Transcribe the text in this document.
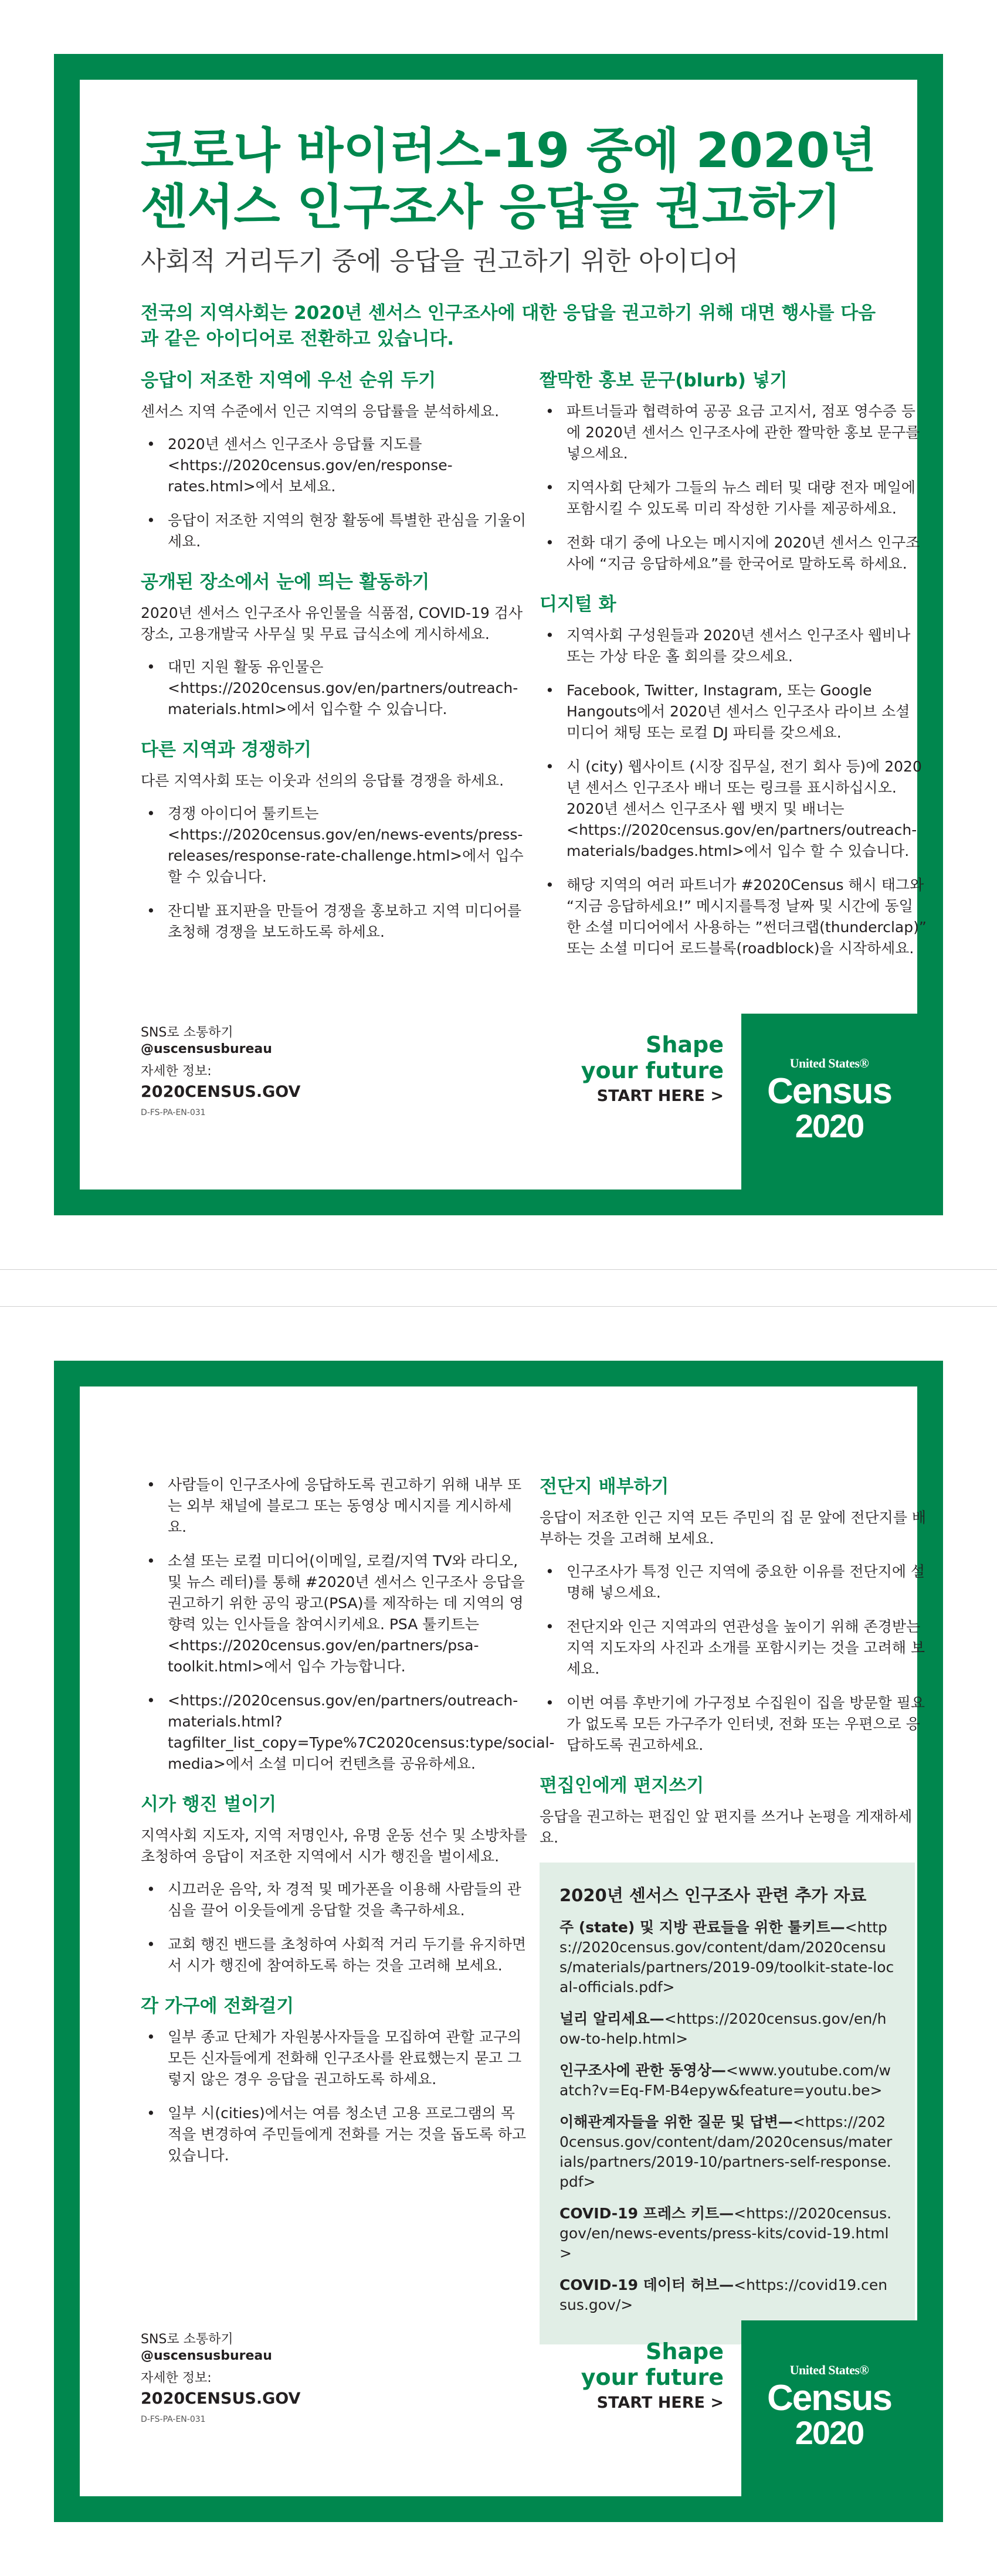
코로나 바이러스-19 중에 2020년
센서스 인구조사 응답을 권고하기
사회적 거리두기 중에 응답을 권고하기 위한 아이디어
전국의 지역사회는 2020년 센서스 인구조사에 대한 응답을 권고하기 위해 대면 행사를 다음과 같은 아이디어로 전환하고 있습니다.
응답이 저조한 지역에 우선 순위 두기

센서스 지역 수준에서 인근 지역의 응답률을 분석하세요.

• 2020년 센서스 인구조사 응답률 지도를 <https://2020census.gov/en/response-rates.html>에서 보세요.
• 응답이 저조한 지역의 현장 활동에 특별한 관심을 기울이세요.
공개된 장소에서 눈에 띄는 활동하기

2020년 센서스 인구조사 유인물을 식품점, COVID-19 검사 장소, 고용개발국 사무실 및 무료 급식소에 게시하세요.

• 대민 지원 활동 유인물은 <https://2020census.gov/en/partners/outreach-materials.html>에서 입수할 수 있습니다.
다른 지역과 경쟁하기

다른 지역사회 또는 이웃과 선의의 응답률 경쟁을 하세요.

• 경쟁 아이디어 툴키트는 <https://2020census.gov/en/news-events/press-releases/response-rate-challenge.html>에서 입수할 수 있습니다.
• 잔디밭 표지판을 만들어 경쟁을 홍보하고 지역 미디어를 초청해 경쟁을 보도하도록 하세요.
짤막한 홍보 문구(blurb) 넣기
• 파트너들과 협력하여 공공 요금 고지서, 점포 영수증 등에 2020년 센서스 인구조사에 관한 짤막한 홍보 문구를 넣으세요.
• 지역사회 단체가 그들의 뉴스 레터 및 대량 전자 메일에 포함시킬 수 있도록 미리 작성한 기사를 제공하세요.
• 전화 대기 중에 나오는 메시지에 2020년 센서스 인구조사에 “지금 응답하세요”를 한국어로 말하도록 하세요.
디지털 화
• 지역사회 구성원들과 2020년 센서스 인구조사 웹비나 또는 가상 타운 홀 회의를 갖으세요.
• Facebook, Twitter, Instagram, 또는 Google Hangouts에서 2020년 센서스 인구조사 라이브 소셜 미디어 채팅 또는 로컬 DJ 파티를 갖으세요.
• 시 (city) 웹사이트 (시장 집무실, 전기 회사 등)에 2020년 센서스 인구조사 배너 또는 링크를 표시하십시오. 2020년 센서스 인구조사 웹 뱃지 및 배너는 <https://2020census.gov/en/partners/outreach-materials/badges.html>에서 입수 할 수 있습니다.
• 해당 지역의 여러 파트너가 #2020Census 해시 태그와 “지금 응답하세요!” 메시지를특정 날짜 및 시간에 동일한 소셜 미디어에서 사용하는 ”썬더크랩(thunderclap)” 또는 소셜 미디어 로드블록(roadblock)을 시작하세요.
SNS로 소통하기
@uscensusbureau
자세한 정보:
2020CENSUS.GOV
D-FS-PA-EN-031
Shape
your future
START HERE >
United States®
Census
2020
• 사람들이 인구조사에 응답하도록 권고하기 위해 내부 또는 외부 채널에 블로그 또는 동영상 메시지를 게시하세요.
• 소셜 또는 로컬 미디어(이메일, 로컬/지역 TV와 라디오, 및 뉴스 레터)를 통해 #2020년 센서스 인구조사 응답을 권고하기 위한 공익 광고(PSA)를 제작하는 데 지역의 영향력 있는 인사들을 참여시키세요. PSA 툴키트는 <https://2020census.gov/en/partners/psa-toolkit.html>에서 입수 가능합니다.
• <https://2020census.gov/en/partners/outreach-materials.html?tagfilter_list_copy=Type%7C2020census:type/social-media>에서 소셜 미디어 컨텐츠를 공유하세요.
시가 행진 벌이기

지역사회 지도자, 지역 저명인사, 유명 운동 선수 및 소방차를 초청하여 응답이 저조한 지역에서 시가 행진을 벌이세요.

• 시끄러운 음악, 차 경적 및 메가폰을 이용해 사람들의 관심을 끌어 이웃들에게 응답할 것을 촉구하세요.
• 교회 행진 밴드를 초청하여 사회적 거리 두기를 유지하면서 시가 행진에 참여하도록 하는 것을 고려해 보세요.
각 가구에 전화걸기
• 일부 종교 단체가 자원봉사자들을 모집하여 관할 교구의 모든 신자들에게 전화해 인구조사를 완료했는지 묻고 그렇지 않은 경우 응답을 권고하도록 하세요.
• 일부 시(cities)에서는 여름 청소년 고용 프로그램의 목적을 변경하여 주민들에게 전화를 거는 것을 돕도록 하고 있습니다.
전단지 배부하기

응답이 저조한 인근 지역 모든 주민의 집 문 앞에 전단지를 배부하는 것을 고려해 보세요.

• 인구조사가 특정 인근 지역에 중요한 이유를 전단지에 설명해 넣으세요.
• 전단지와 인근 지역과의 연관성을 높이기 위해 존경받는 지역 지도자의 사진과 소개를 포함시키는 것을 고려해 보세요.
• 이번 여름 후반기에 가구정보 수집원이 집을 방문할 필요가 없도록 모든 가구주가 인터넷, 전화 또는 우편으로 응답하도록 권고하세요.
편집인에게 편지쓰기

응답을 권고하는 편집인 앞 편지를 쓰거나 논평을 게재하세요.

2020년 센서스 인구조사 관련 추가 자료
주 (state) 및 지방 관료들을 위한 툴키트—<https://2020census.gov/content/dam/2020census/materials/partners/2019-09/toolkit-state-local-officials.pdf>
널리 알리세요—<https://2020census.gov/en/how-to-help.html>
인구조사에 관한 동영상—<www.youtube.com/watch?v=Eq-FM-B4epyw&feature=youtu.be>
이해관계자들을 위한 질문 및 답변—<https://2020census.gov/content/dam/2020census/materials/partners/2019-10/partners-self-response.pdf>
COVID-19 프레스 키트—<https://2020census.gov/en/news-events/press-kits/covid-19.html>
COVID-19 데이터 허브—<https://covid19.census.gov/>
SNS로 소통하기
@uscensusbureau
자세한 정보:
2020CENSUS.GOV
D-FS-PA-EN-031
Shape
your future
START HERE >
United States®
Census
2020
